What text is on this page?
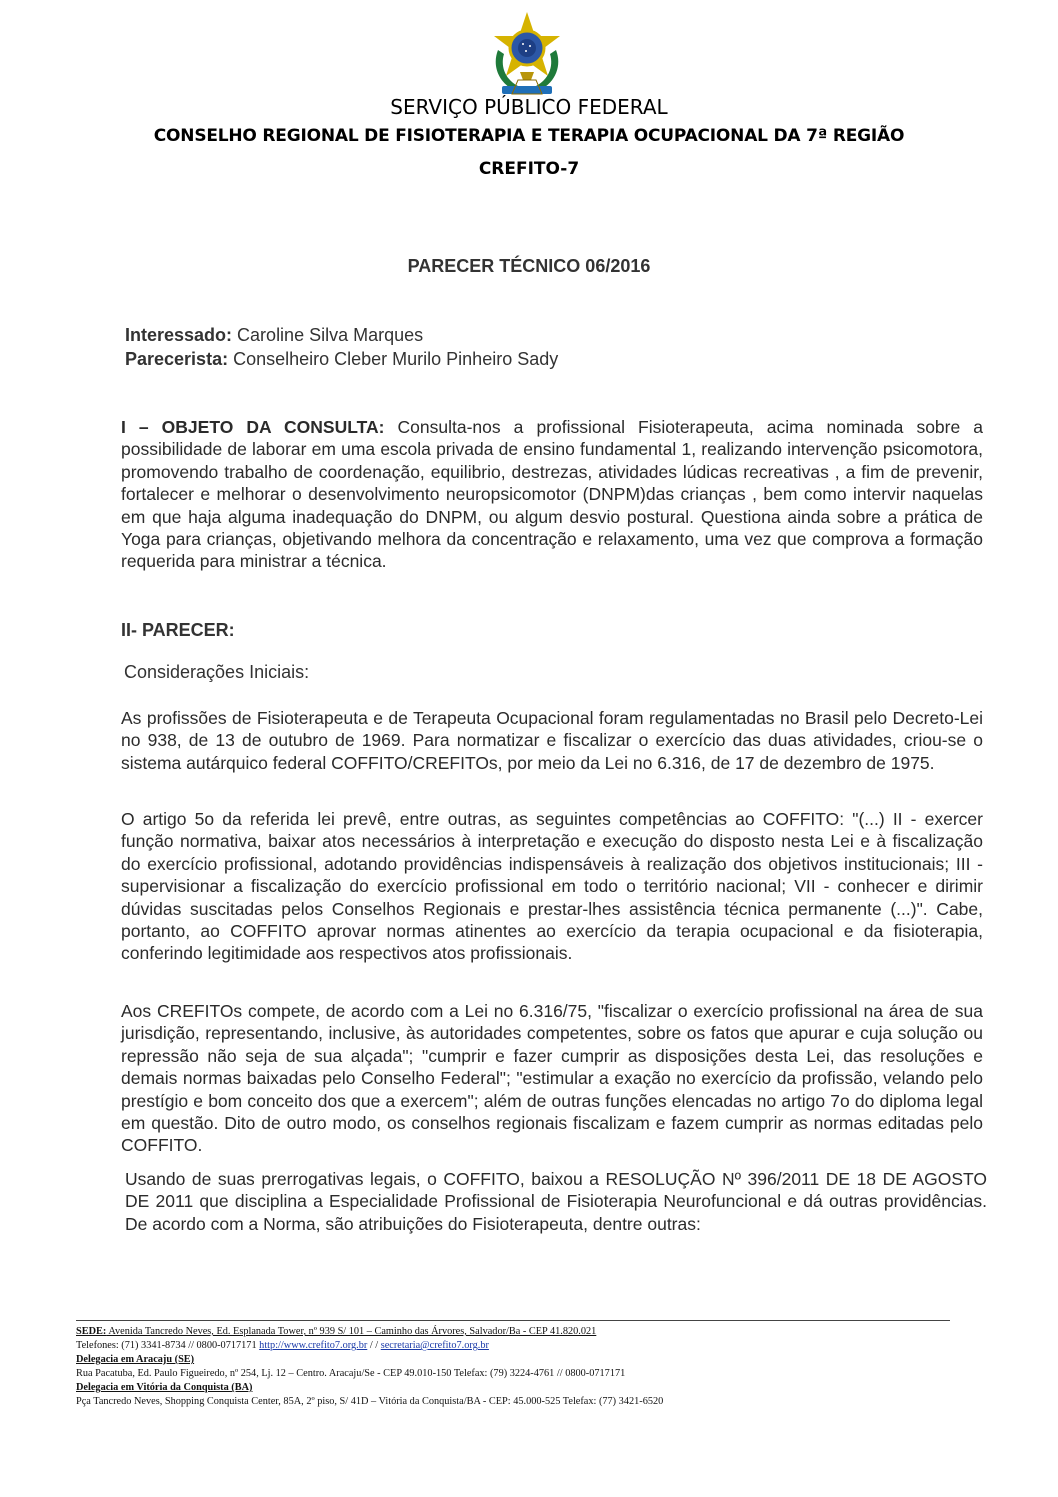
SERVIÇO PÚBLICO FEDERAL
CONSELHO REGIONAL DE FISIOTERAPIA E TERAPIA OCUPACIONAL DA 7ª REGIÃO
CREFITO-7
PARECER TÉCNICO 06/2016
Interessado: Caroline Silva Marques
Parecerista: Conselheiro Cleber Murilo Pinheiro Sady
I – OBJETO DA CONSULTA: Consulta-nos a profissional Fisioterapeuta, acima nominada sobre a possibilidade de laborar em uma escola privada de ensino fundamental 1, realizando intervenção psicomotora, promovendo trabalho de coordenação, equilibrio, destrezas, atividades lúdicas recreativas , a fim de prevenir, fortalecer e melhorar o desenvolvimento neuropsicomotor (DNPM)das crianças , bem como intervir naquelas em que haja alguma inadequação do DNPM, ou algum desvio postural. Questiona ainda sobre a prática de Yoga para crianças, objetivando melhora da concentração e relaxamento, uma vez que comprova a formação requerida para ministrar a técnica.
II- PARECER:
Considerações Iniciais:
As profissões de Fisioterapeuta e de Terapeuta Ocupacional foram regulamentadas no Brasil pelo Decreto-Lei no 938, de 13 de outubro de 1969. Para normatizar e fiscalizar o exercício das duas atividades, criou-se o sistema autárquico federal COFFITO/CREFITOs, por meio da Lei no 6.316, de 17 de dezembro de 1975.
O artigo 5o da referida lei prevê, entre outras, as seguintes competências ao COFFITO: "(...) II - exercer função normativa, baixar atos necessários à interpretação e execução do disposto nesta Lei e à fiscalização do exercício profissional, adotando providências indispensáveis à realização dos objetivos institucionais; III - supervisionar a fiscalização do exercício profissional em todo o território nacional; VII - conhecer e dirimir dúvidas suscitadas pelos Conselhos Regionais e prestar-lhes assistência técnica permanente (...)". Cabe, portanto, ao COFFITO aprovar normas atinentes ao exercício da terapia ocupacional e da fisioterapia, conferindo legitimidade aos respectivos atos profissionais.
Aos CREFITOs compete, de acordo com a Lei no 6.316/75, "fiscalizar o exercício profissional na área de sua jurisdição, representando, inclusive, às autoridades competentes, sobre os fatos que apurar e cuja solução ou repressão não seja de sua alçada"; "cumprir e fazer cumprir as disposições desta Lei, das resoluções e demais normas baixadas pelo Conselho Federal"; "estimular a exação no exercício da profissão, velando pelo prestígio e bom conceito dos que a exercem"; além de outras funções elencadas no artigo 7o do diploma legal em questão. Dito de outro modo, os conselhos regionais fiscalizam e fazem cumprir as normas editadas pelo COFFITO.
Usando de suas prerrogativas legais, o COFFITO, baixou a RESOLUÇÃO Nº 396/2011 DE 18 DE AGOSTO DE 2011 que disciplina a Especialidade Profissional de Fisioterapia Neurofuncional e dá outras providências. De acordo com a Norma, são atribuições do Fisioterapeuta, dentre outras:
SEDE: Avenida Tancredo Neves, Ed. Esplanada Tower, nº 939 S/ 101 – Caminho das Árvores, Salvador/Ba - CEP 41.820.021
Telefones: (71) 3341-8734 // 0800-0717171 http://www.crefito7.org.br / / secretaria@crefito7.org.br
Delegacia em Aracaju (SE)
Rua Pacatuba, Ed. Paulo Figueiredo, nº 254, Lj. 12 – Centro. Aracaju/Se - CEP 49.010-150 Telefax: (79) 3224-4761 // 0800-0717171
Delegacia em Vitória da Conquista (BA)
Pça Tancredo Neves, Shopping Conquista Center, 85A, 2º piso, S/ 41D – Vitória da Conquista/BA - CEP: 45.000-525 Telefax: (77) 3421-6520
